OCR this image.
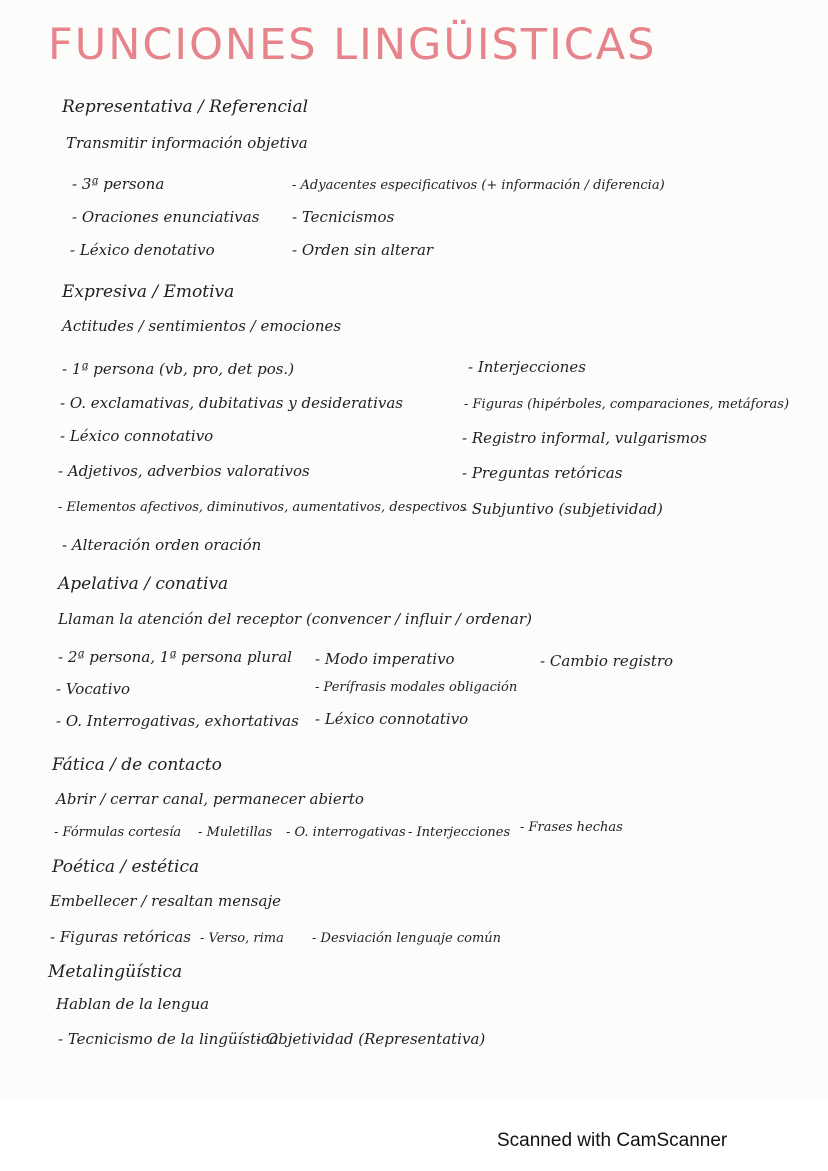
FUNCIONES LINGÜISTICAS
Representativa / Referencial
Transmitir información objetiva
- 3ª persona
- Oraciones enunciativas
- Léxico denotativo
- Adyacentes especificativos (+ información / diferencia)
- Tecnicismos
- Orden sin alterar
Expresiva / Emotiva
Actitudes / sentimientos / emociones
- 1ª persona (vb, pro, det pos.)
- O. exclamativas, dubitativas y desiderativas
- Léxico connotativo
- Adjetivos, adverbios valorativos
- Elementos afectivos, diminutivos, aumentativos, despectivos
- Alteración orden oración
- Interjecciones
- Figuras (hipérboles, comparaciones, metáforas)
- Registro informal, vulgarismos
- Preguntas retóricas
- Subjuntivo (subjetividad)
Apelativa / conativa
Llaman la atención del receptor (convencer / influir / ordenar)
- 2ª persona, 1ª persona plural
- Vocativo
- O. Interrogativas, exhortativas
- Modo imperativo
- Perífrasis modales obligación
- Léxico connotativo
- Cambio registro
Fática / de contacto
Abrir / cerrar canal, permanecer abierto
- Fórmulas cortesía - Muletillas - O. interrogativas - Interjecciones - Frases hechas
Poética / estética
Embellecer / resaltan mensaje
- Figuras retóricas - Verso, rima - Desviación lenguaje común
Metalingüística
Hablan de la lengua
- Tecnicismo de la lingüística
- Objetividad (Representativa)
Scanned with CamScanner
